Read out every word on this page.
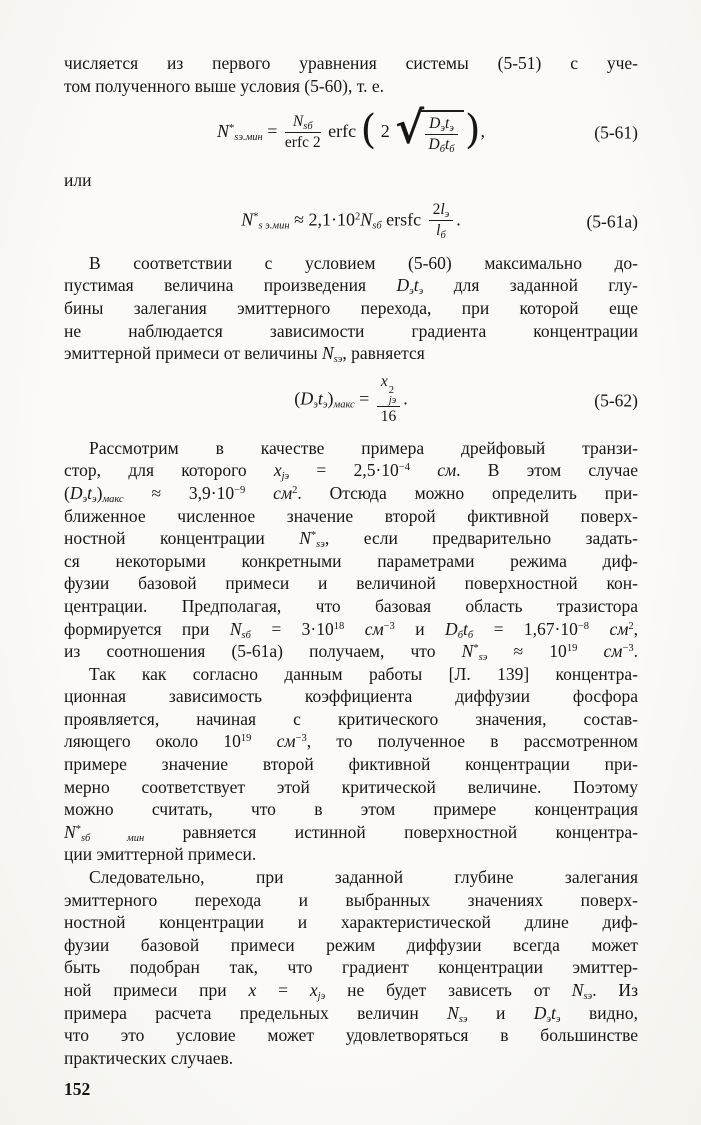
числяется из первого уравнения системы (5-51) с уче-
том полученного выше условия (5-60), т. е.
$N^*_{sэ.мин} = \frac{N_{sб}}{\text{erfc 2}}$ erfc ( 2 √ $\frac{D_эt_э}{D_бt_б}$ ),	(5-61)
или
$N^*_{s э.мин} \approx 2,1\cdot 10^2N_{sб}$ ersfc $\frac{2l_э}{l_б}$ .	(5-61a)
В соответствии с условием (5-60) максимально до-
пустимая величина произведения $D_эt_э$ для заданной глу-
бины залегания эмиттерного перехода, при которой еще
не наблюдается зависимости градиента концентрации
эмиттерной примеси от величины $N_{sэ}$, равняется
$(D_эt_э)_{макс} = x$
2
jэ
16 .	(5-62)
Рассмотрим в качестве примера дрейфовый транзи-
стор, для которого $x_{jэ} = 2,5\cdot 10^{-4}$ см. В этом случае
$(D_эt_э)_{макс} \approx 3,9\cdot 10^{-9}$ $см^2$. Отсюда можно определить при-
ближенное численное значение второй фиктивной поверх-
ностной концентрации $N^*_{sэ}$, если предварительно задать-
ся некоторыми конкретными параметрами режима диф-
фузии базовой примеси и величиной поверхностной кон-
центрации. Предполагая, что базовая область тразистора
формируется при $N_{sб} = 3\cdot 10^{18}$ $см^{-3}$ и $D_бt_б = 1,67\cdot 10^{-8}$ $см^2$,
из соотношения (5-61а) получаем, что $N^*_{sэ} \approx 10^{19}$ $см^{-3}$.
Так как согласно данным работы [Л. 139] концентра-
ционная зависимость коэффициента диффузии фосфора
проявляется, начиная с критического значения, состав-
ляющего около $10^{19}$ $см^{-3}$, то полученное в рассмотренном
примере значение второй фиктивной концентрации при-
мерно соответствует этой критической величине. Поэтому
можно считать, что в этом примере концентрация
$N^*_{sб мин}$ равняется истинной поверхностной концентра-
ции эмиттерной примеси.
Следовательно, при заданной глубине залегания
эмиттерного перехода и выбранных значениях поверх-
ностной концентрации и характеристической длине диф-
фузии базовой примеси режим диффузии всегда может
быть подобран так, что градиент концентрации эмиттер-
ной примеси при $x = x_{jэ}$ не будет зависеть от $N_{sэ}$. Из
примера расчета предельных величин $N_{sэ}$ и $D_эt_э$ видно,
что это условие может удовлетворяться в большинстве
практических случаев.
152
